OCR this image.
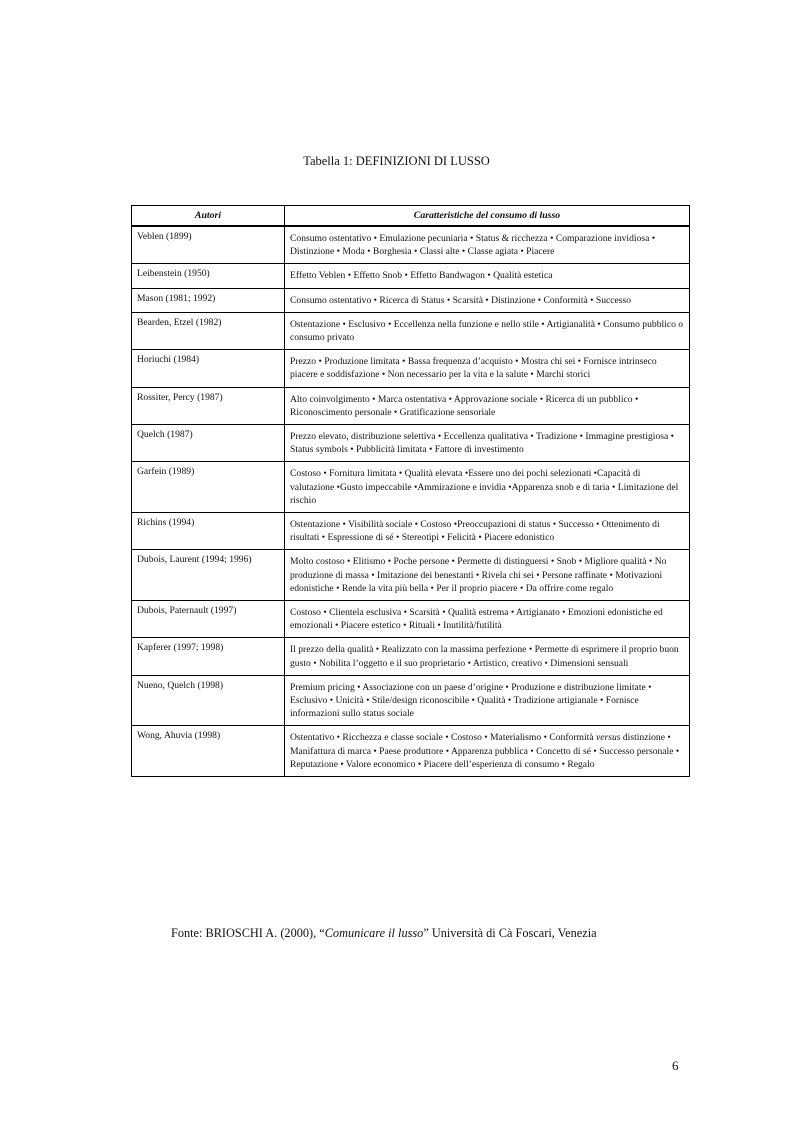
Tabella 1: DEFINIZIONI DI LUSSO
Autori	Caratteristiche del consumo di lusso
Veblen (1899)	Consumo ostentativo • Emulazione pecuniaria • Status & ricchezza • Comparazione invidiosa • Distinzione • Moda • Borghesia • Classi alte • Classe agiata • Piacere
Leibenstein (1950)	Effetto Veblen • Effetto Snob • Effetto Bandwagon • Qualità estetica
Mason (1981; 1992)	Consumo ostentativo • Ricerca di Status • Scarsità • Distinzione • Conformità • Successo
Bearden, Etzel (1982)	Ostentazione • Esclusivo • Eccellenza nella funzione e nello stile • Artigianalità • Consumo pubblico o consumo privato
Horiuchi (1984)	Prezzo • Produzione limitata • Bassa frequenza d’acquisto • Mostra chi sei • Fornisce intrinseco piacere e soddisfazione • Non necessario per la vita e la salute • Marchi storici
Rossiter, Percy (1987)	Alto coinvolgimento • Marca ostentativa • Approvazione sociale • Ricerca di un pubblico • Riconoscimento personale • Gratificazione sensoriale
Quelch (1987)	Prezzo elevato, distribuzione selettiva • Eccellenza qualitativa • Tradizione • Immagine prestigiosa • Status symbols • Pubblicità limitata • Fattore di investimento
Garfein (1989)	Costoso • Fornitura limitata • Qualità elevata •Essere uno dei pochi selezionati •Capacità di valutazione •Gusto impeccabile •Ammirazione e invidia •Apparenza snob e di taria • Limitazione del rischio
Richins (1994)	Ostentazione • Visibilità sociale • Costoso •Preoccupazioni di status • Successo • Ottenimento di risultati • Espressione di sé • Stereotipi • Felicità • Piacere edonistico
Dubois, Laurent (1994; 1996)	Molto costoso • Elitismo • Poche persone • Permette di distinguersi • Snob • Migliore qualità • No produzione di massa • Imitazione dei benestanti • Rivela chi sei • Persone raffinate • Motivazioni edonistiche • Rende la vita più bella • Per il proprio piacere • Da offrire come regalo
Dubois, Paternault (1997)	Costoso • Clientela esclusiva • Scarsità • Qualità estrema • Artigianato • Emozioni edonistiche ed emozionali • Piacere estetico • Rituali • Inutilità/futilità
Kapferer (1997; 1998)	Il prezzo della qualità • Realizzato con la massima perfezione • Permette di esprimere il proprio buon gusto • Nobilita l’oggetto e il suo proprietario • Artistico, creativo • Dimensioni sensuali
Nueno, Quelch (1998)	Premium pricing • Associazione con un paese d’origine • Produzione e distribuzione limitate • Esclusivo • Unicità • Stile/design riconoscibile • Qualità • Tradizione artigianale • Fornisce informazioni sullo status sociale
Wong, Ahuvia (1998)	Ostentativo • Ricchezza e classe sociale • Costoso • Materialismo • Conformità versus distinzione • Manifattura di marca • Paese produttore • Apparenza pubblica • Concetto di sé • Successo personale • Reputazione • Valore economico • Piacere dell’esperienza di consumo • Regalo
Fonte: BRIOSCHI A. (2000), “Comunicare il lusso” Università di Cà Foscari, Venezia
6
